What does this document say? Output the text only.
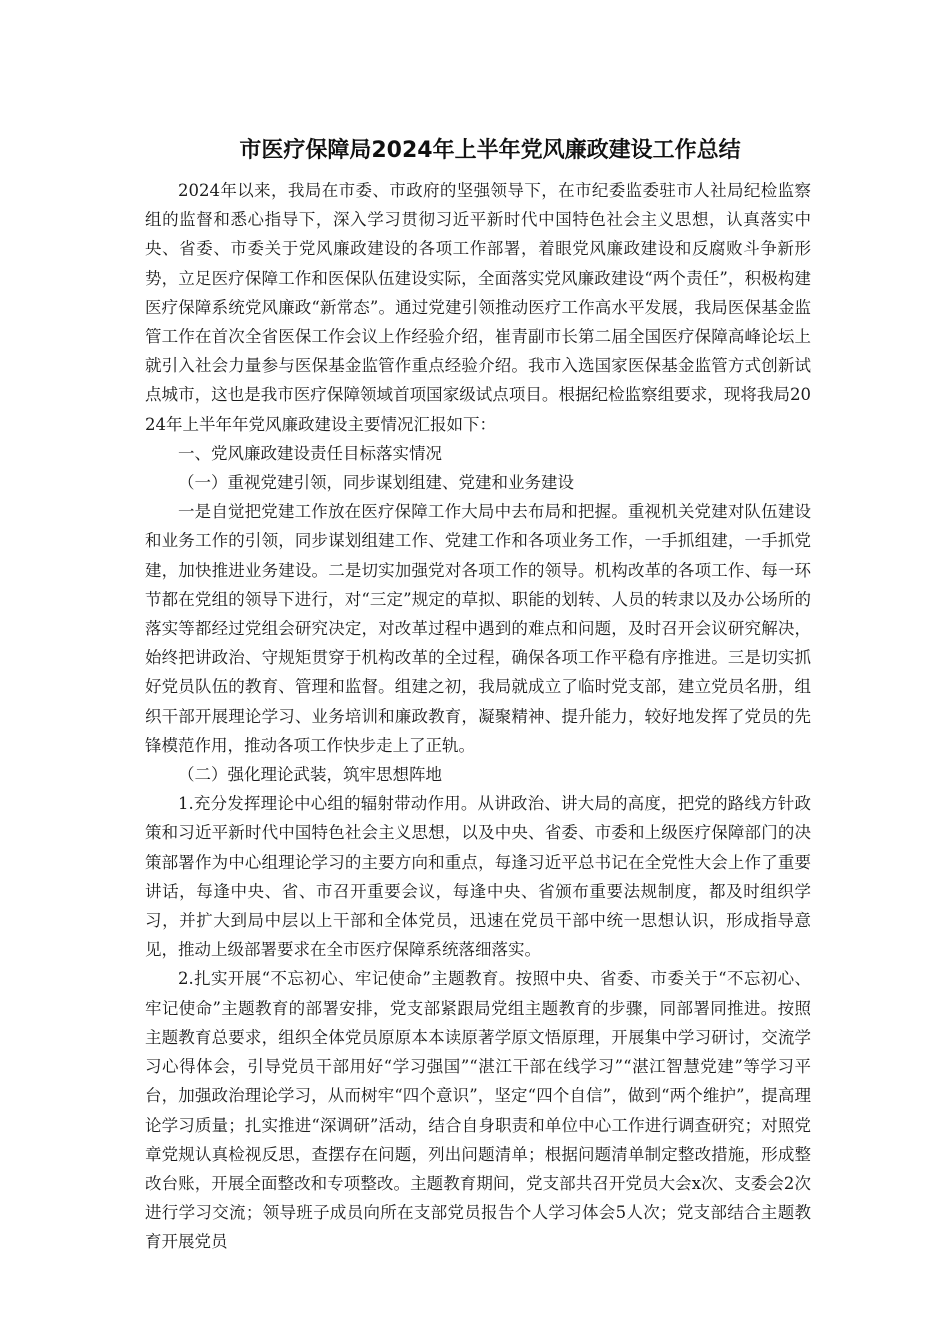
市医疗保障局2024年上半年党风廉政建设工作总结

2024年以来，我局在市委、市政府的坚强领导下，在市纪委监委驻市人社局纪检监察组的监督和悉心指导下，深入学习贯彻习近平新时代中国特色社会主义思想，认真落实中央、省委、市委关于党风廉政建设的各项工作部署，着眼党风廉政建设和反腐败斗争新形势，立足医疗保障工作和医保队伍建设实际，全面落实党风廉政建设“两个责任”，积极构建医疗保障系统党风廉政“新常态”。通过党建引领推动医疗工作高水平发展，我局医保基金监管工作在首次全省医保工作会议上作经验介绍，崔青副市长第二届全国医疗保障高峰论坛上就引入社会力量参与医保基金监管作重点经验介绍。我市入选国家医保基金监管方式创新试点城市，这也是我市医疗保障领域首项国家级试点项目。根据纪检监察组要求，现将我局2024年上半年年党风廉政建设主要情况汇报如下：

一、党风廉政建设责任目标落实情况

（一）重视党建引领，同步谋划组建、党建和业务建设

一是自觉把党建工作放在医疗保障工作大局中去布局和把握。重视机关党建对队伍建设和业务工作的引领，同步谋划组建工作、党建工作和各项业务工作，一手抓组建，一手抓党建，加快推进业务建设。二是切实加强党对各项工作的领导。机构改革的各项工作、每一环节都在党组的领导下进行，对“三定”规定的草拟、职能的划转、人员的转隶以及办公场所的落实等都经过党组会研究决定，对改革过程中遇到的难点和问题，及时召开会议研究解决，始终把讲政治、守规矩贯穿于机构改革的全过程，确保各项工作平稳有序推进。三是切实抓好党员队伍的教育、管理和监督。组建之初，我局就成立了临时党支部，建立党员名册，组织干部开展理论学习、业务培训和廉政教育，凝聚精神、提升能力，较好地发挥了党员的先锋模范作用，推动各项工作快步走上了正轨。

（二）强化理论武装，筑牢思想阵地

1.充分发挥理论中心组的辐射带动作用。从讲政治、讲大局的高度，把党的路线方针政策和习近平新时代中国特色社会主义思想，以及中央、省委、市委和上级医疗保障部门的决策部署作为中心组理论学习的主要方向和重点，每逢习近平总书记在全党性大会上作了重要讲话，每逢中央、省、市召开重要会议，每逢中央、省颁布重要法规制度，都及时组织学习，并扩大到局中层以上干部和全体党员，迅速在党员干部中统一思想认识，形成指导意见，推动上级部署要求在全市医疗保障系统落细落实。

2.扎实开展“不忘初心、牢记使命”主题教育。按照中央、省委、市委关于“不忘初心、牢记使命”主题教育的部署安排，党支部紧跟局党组主题教育的步骤，同部署同推进。按照主题教育总要求，组织全体党员原原本本读原著学原文悟原理，开展集中学习研讨，交流学习心得体会，引导党员干部用好“学习强国”“湛江干部在线学习”“湛江智慧党建”等学习平台，加强政治理论学习，从而树牢“四个意识”，坚定“四个自信”，做到“两个维护”，提高理论学习质量；扎实推进“深调研”活动，结合自身职责和单位中心工作进行调查研究；对照党章党规认真检视反思，查摆存在问题，列出问题清单；根据问题清单制定整改措施，形成整改台账，开展全面整改和专项整改。主题教育期间，党支部共召开党员大会x次、支委会2次进行学习交流；领导班子成员向所在支部党员报告个人学习体会5人次；党支部结合主题教育开展党员
